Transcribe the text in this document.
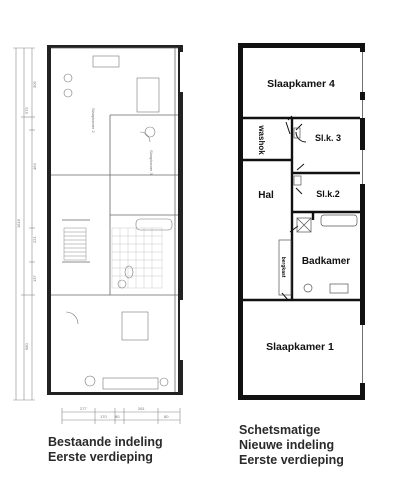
305
575
464
1616
221
137
680
Slaapkamer 2
Slaapkamer 3
277
170 80
261
80
Slaapkamer 4
washok	Sl.k. 3
Hal	Sl.k.2
Badkamer
bergkast
Slaapkamer 1
Bestaande indeling
Eerste verdieping
Schetsmatige
Nieuwe indeling
Eerste verdieping
